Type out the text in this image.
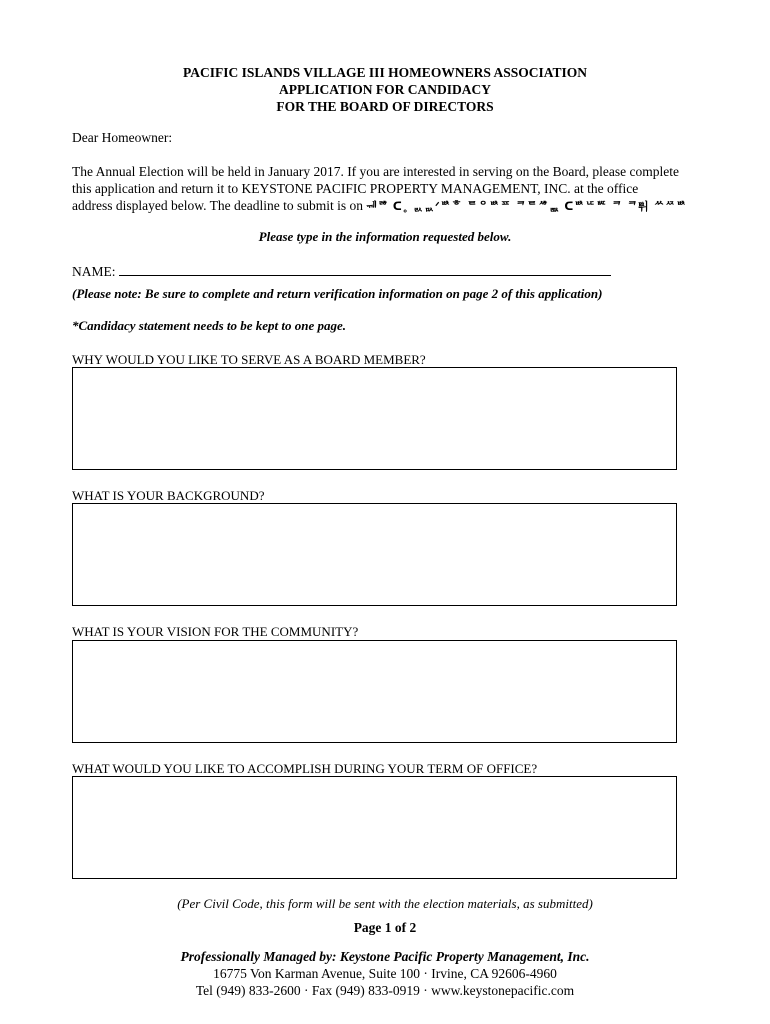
PACIFIC ISLANDS VILLAGE III HOMEOWNERS ASSOCIATION
APPLICATION FOR CANDIDACY
FOR THE BOARD OF DIRECTORS
Dear Homeowner:
The Annual Election will be held in January 2017. If you are interested in serving on the Board, please complete
this application and return it to KEYSTONE PACIFIC PROPERTY MANAGEMENT, INC. at the office
address displayed below. The deadline to submit is on ᅰᄚ ᑕ˳ ᆳᇝᐟᄨᄒ ᄐᄋᄨᄑ ᄏᄐᄻᇒ ᑕᄨᄕᄣ ᄏ ᄏᄨᅱ ᄊᄶᄨ
Please type in the information requested below.
NAME:
(Please note: Be sure to complete and return verification information on page 2 of this application)
*Candidacy statement needs to be kept to one page.
WHY WOULD YOU LIKE TO SERVE AS A BOARD MEMBER?
WHAT IS YOUR BACKGROUND?
WHAT IS YOUR VISION FOR THE COMMUNITY?
WHAT WOULD YOU LIKE TO ACCOMPLISH DURING YOUR TERM OF OFFICE?
(Per Civil Code, this form will be sent with the election materials, as submitted)
Page 1 of 2
Professionally Managed by: Keystone Pacific Property Management, Inc.
16775 Von Karman Avenue, Suite 100 · Irvine, CA 92606-4960
Tel (949) 833-2600 · Fax (949) 833-0919 · www.keystonepacific.com
